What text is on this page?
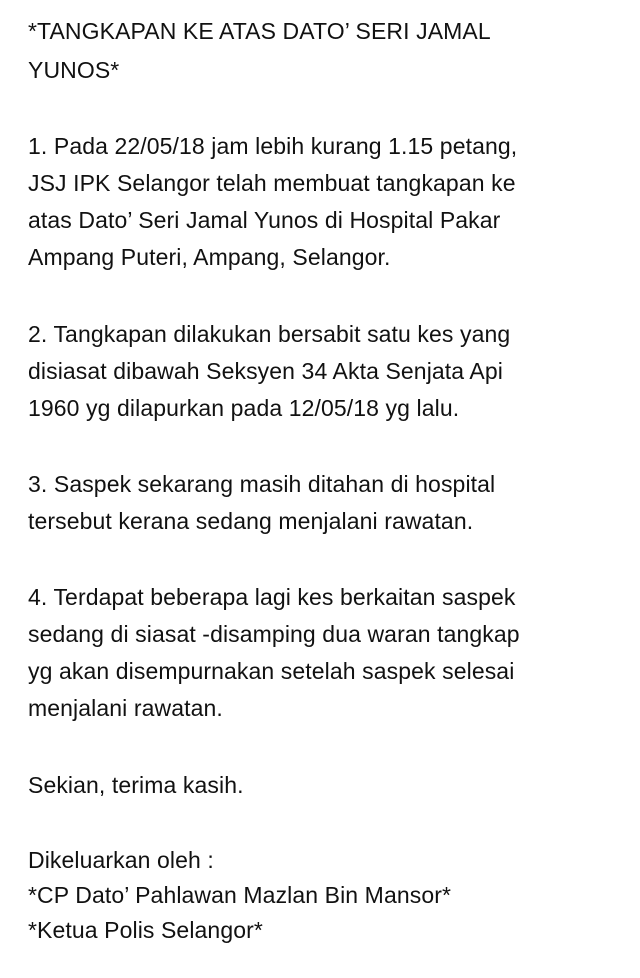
*TANGKAPAN KE ATAS DATO’ SERI JAMAL
YUNOS*
1. Pada 22/05/18 jam lebih kurang 1.15 petang,
JSJ IPK Selangor telah membuat tangkapan ke
atas Dato’ Seri Jamal Yunos di Hospital Pakar
Ampang Puteri, Ampang, Selangor.
2. Tangkapan dilakukan bersabit satu kes yang
disiasat dibawah Seksyen 34 Akta Senjata Api
1960 yg dilapurkan pada 12/05/18 yg lalu.
3. Saspek sekarang masih ditahan di hospital
tersebut kerana sedang menjalani rawatan.
4. Terdapat beberapa lagi kes berkaitan saspek
sedang di siasat -disamping dua waran tangkap
yg akan disempurnakan setelah saspek selesai
menjalani rawatan.
Sekian, terima kasih.
Dikeluarkan oleh :
*CP Dato’ Pahlawan Mazlan Bin Mansor*
*Ketua Polis Selangor*
